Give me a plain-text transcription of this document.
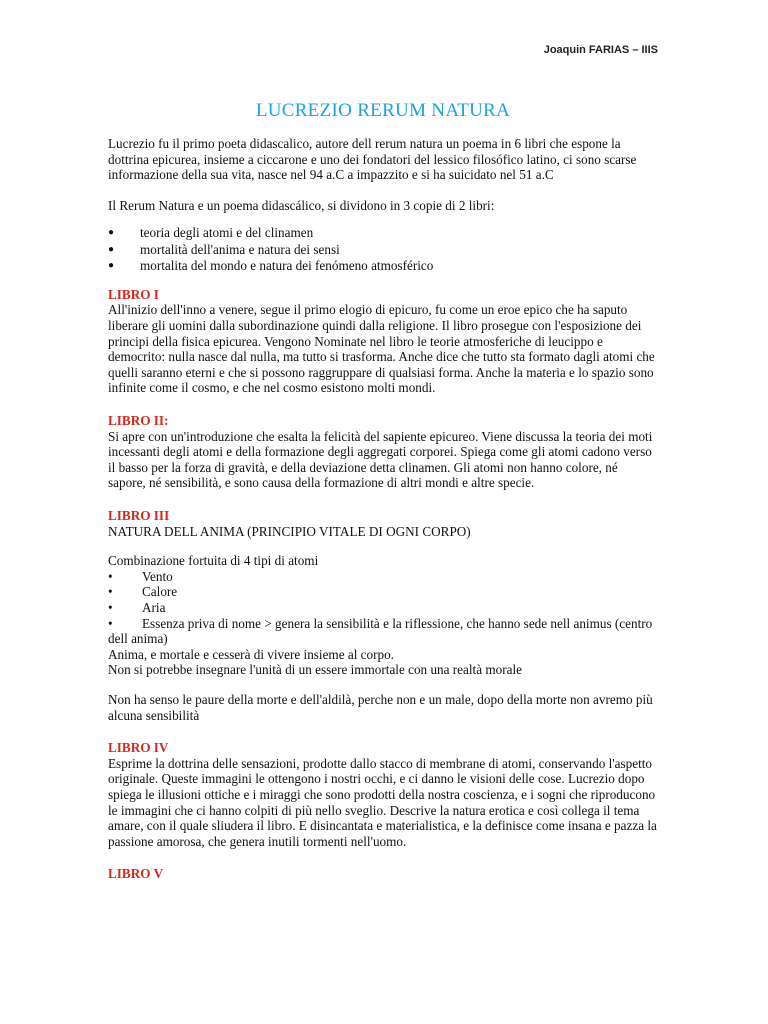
Joaquin FARIAS – IIIS
LUCREZIO RERUM NATURA

Lucrezio fu il primo poeta didascalico, autore dell rerum natura un poema in 6 libri che espone la dottrina epicurea, insieme a ciccarone e uno dei fondatori del lessico filosófico latino, ci sono scarse informazione della sua vita, nasce nel 94 a.C a impazzito e si ha suicidato nel 51 a.C

Il Rerum Natura e un poema didascálico, si dividono in 3 copie di 2 libri:

● teoria degli atomi e del clinamen
● mortalità dell'anima e natura dei sensi
● mortalita del mondo e natura dei fenómeno atmosférico
LIBRO I

All'inizio dell'inno a venere, segue il primo elogio di epicuro, fu come un eroe epico che ha saputo liberare gli uomini dalla subordinazione quindi dalla religione. Il libro prosegue con l'esposizione dei principi della fisica epicurea. Vengono Nominate nel libro le teorie atmosferiche di leucippo e democrito: nulla nasce dal nulla, ma tutto si trasforma. Anche dice che tutto sta formato dagli atomi che quelli saranno eterni e che si possono raggruppare di qualsiasi forma. Anche la materia e lo spazio sono infinite come il cosmo, e che nel cosmo esistono molti mondi.

LIBRO II:

Si apre con un'introduzione che esalta la felicità del sapiente epicureo. Viene discussa la teoria dei moti incessanti degli atomi e della formazione degli aggregati corporei. Spiega come gli atomi cadono verso il basso per la forza di gravità, e della deviazione detta clinamen. Gli atomi non hanno colore, né sapore, né sensibilità, e sono causa della formazione di altri mondi e altre specie.

LIBRO III

NATURA DELL ANIMA (PRINCIPIO VITALE DI OGNI CORPO)

Combinazione fortuita di 4 tipi di atomi

• Vento
• Calore
• Aria
• Essenza priva di nome > genera la sensibilità e la riflessione, che hanno sede nell animus (centro dell anima)

Anima, e mortale e cesserà di vivere insieme al corpo.

Non si potrebbe insegnare l'unità di un essere immortale con una realtà morale

Non ha senso le paure della morte e dell'aldilà, perche non e un male, dopo della morte non avremo più alcuna sensibilità

LIBRO IV

Esprime la dottrina delle sensazioni, prodotte dallo stacco di membrane di atomi, conservando l'aspetto originale. Queste immagini le ottengono i nostri occhi, e ci danno le visioni delle cose. Lucrezio dopo spiega le illusioni ottiche e i miraggi che sono prodotti della nostra coscienza, e i sogni che riproducono le immagini che ci hanno colpiti di più nello sveglio. Descrive la natura erotica e così collega il tema amare, con il quale sliudera il libro. E disincantata e materialistica, e la definisce come insana e pazza la passione amorosa, che genera inutili tormenti nell'uomo.

LIBRO V
